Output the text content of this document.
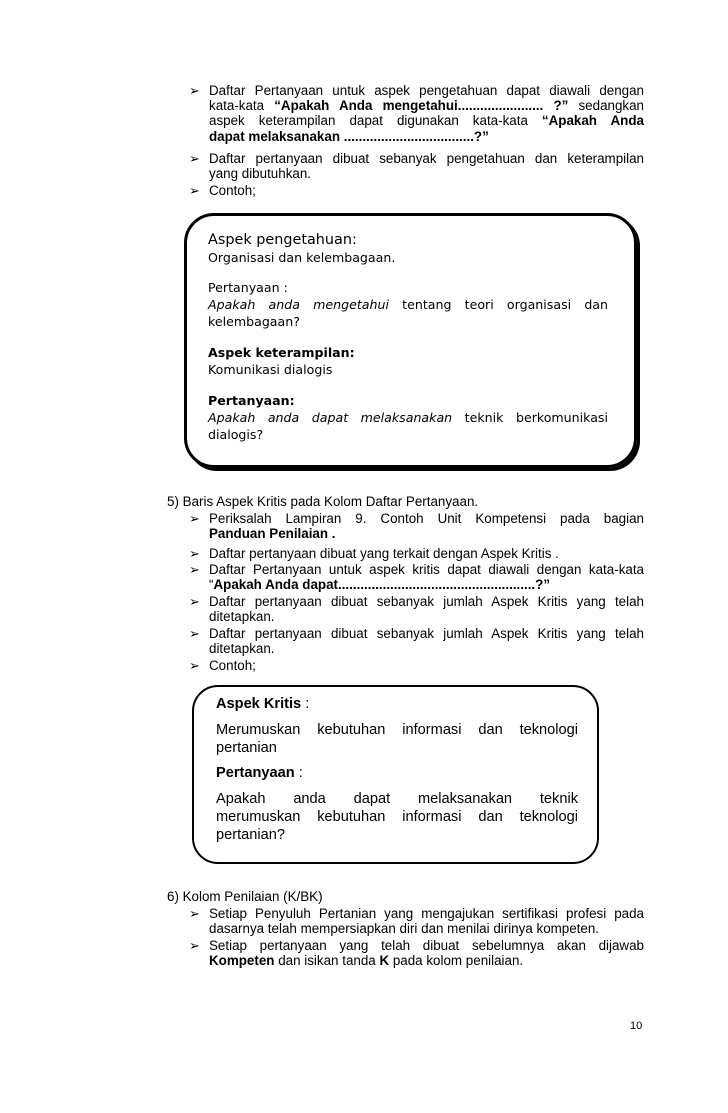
➢ Daftar Pertanyaan untuk aspek pengetahuan dapat diawali dengan
kata-kata “Apakah Anda mengetahui....................... ?” sedangkan
aspek keterampilan dapat digunakan kata-kata “Apakah Anda
dapat melaksanakan ...................................?”
➢ Daftar pertanyaan dibuat sebanyak pengetahuan dan keterampilan
yang dibutuhkan.
➢ Contoh;
Aspek pengetahuan:
Organisasi dan kelembagaan.
Pertanyaan :
Apakah anda mengetahui tentang teori organisasi dan
kelembagaan?
Aspek keterampilan:
Komunikasi dialogis
Pertanyaan:
Apakah anda dapat melaksanakan teknik berkomunikasi
dialogis?
5) Baris Aspek Kritis pada Kolom Daftar Pertanyaan.
➢ Periksalah Lampiran 9. Contoh Unit Kompetensi pada bagian
Panduan Penilaian .
➢ Daftar pertanyaan dibuat yang terkait dengan Aspek Kritis .
➢ Daftar Pertanyaan untuk aspek kritis dapat diawali dengan kata-kata
“Apakah Anda dapat.....................................................?”
➢ Daftar pertanyaan dibuat sebanyak jumlah Aspek Kritis yang telah
ditetapkan.
➢ Daftar pertanyaan dibuat sebanyak jumlah Aspek Kritis yang telah
ditetapkan.
➢ Contoh;
Aspek Kritis :
Merumuskan kebutuhan informasi dan teknologi
pertanian
Pertanyaan :
Apakah anda dapat melaksanakan teknik
merumuskan kebutuhan informasi dan teknologi
pertanian?
6) Kolom Penilaian (K/BK)
➢ Setiap Penyuluh Pertanian yang mengajukan sertifikasi profesi pada
dasarnya telah mempersiapkan diri dan menilai dirinya kompeten.
➢ Setiap pertanyaan yang telah dibuat sebelumnya akan dijawab
Kompeten dan isikan tanda K pada kolom penilaian.
10
